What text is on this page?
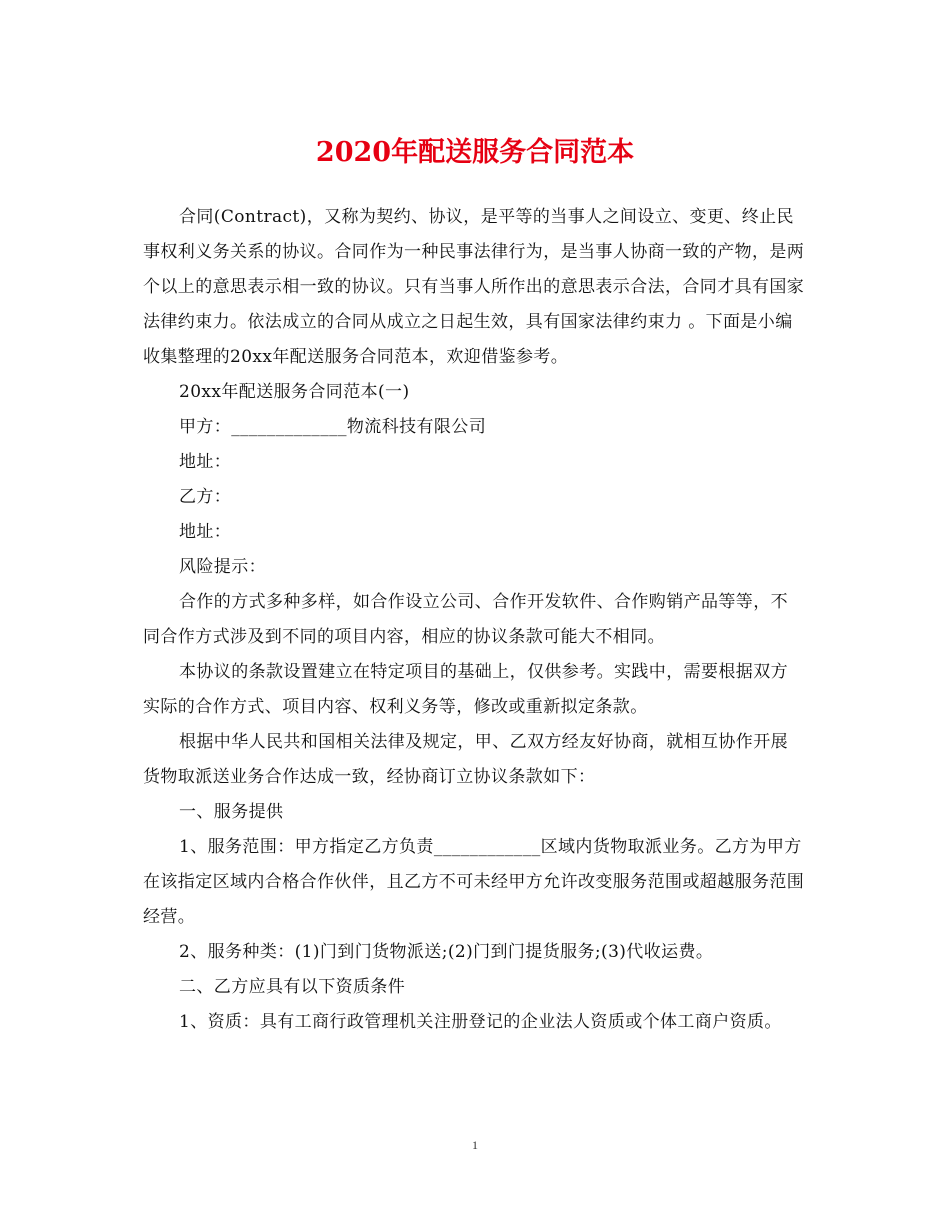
2020年配送服务合同范本

合同(Contract)，又称为契约、协议，是平等的当事人之间设立、变更、终止民事权利义务关系的协议。合同作为一种民事法律行为，是当事人协商一致的产物，是两个以上的意思表示相一致的协议。只有当事人所作出的意思表示合法，合同才具有国家法律约束力。依法成立的合同从成立之日起生效，具有国家法律约束力 。下面是小编收集整理的20xx年配送服务合同范本，欢迎借鉴参考。

20xx年配送服务合同范本(一)

甲方：_____________物流科技有限公司

地址：

乙方：

地址：

风险提示：

合作的方式多种多样，如合作设立公司、合作开发软件、合作购销产品等等，不同合作方式涉及到不同的项目内容，相应的协议条款可能大不相同。

本协议的条款设置建立在特定项目的基础上，仅供参考。实践中，需要根据双方实际的合作方式、项目内容、权利义务等，修改或重新拟定条款。

根据中华人民共和国相关法律及规定，甲、乙双方经友好协商，就相互协作开展货物取派送业务合作达成一致，经协商订立协议条款如下：

一、服务提供

1、服务范围：甲方指定乙方负责____________区域内货物取派业务。乙方为甲方在该指定区域内合格合作伙伴，且乙方不可未经甲方允许改变服务范围或超越服务范围经营。

2、服务种类：(1)门到门货物派送;(2)门到门提货服务;(3)代收运费。

二、乙方应具有以下资质条件

1、资质：具有工商行政管理机关注册登记的企业法人资质或个体工商户资质。

1
